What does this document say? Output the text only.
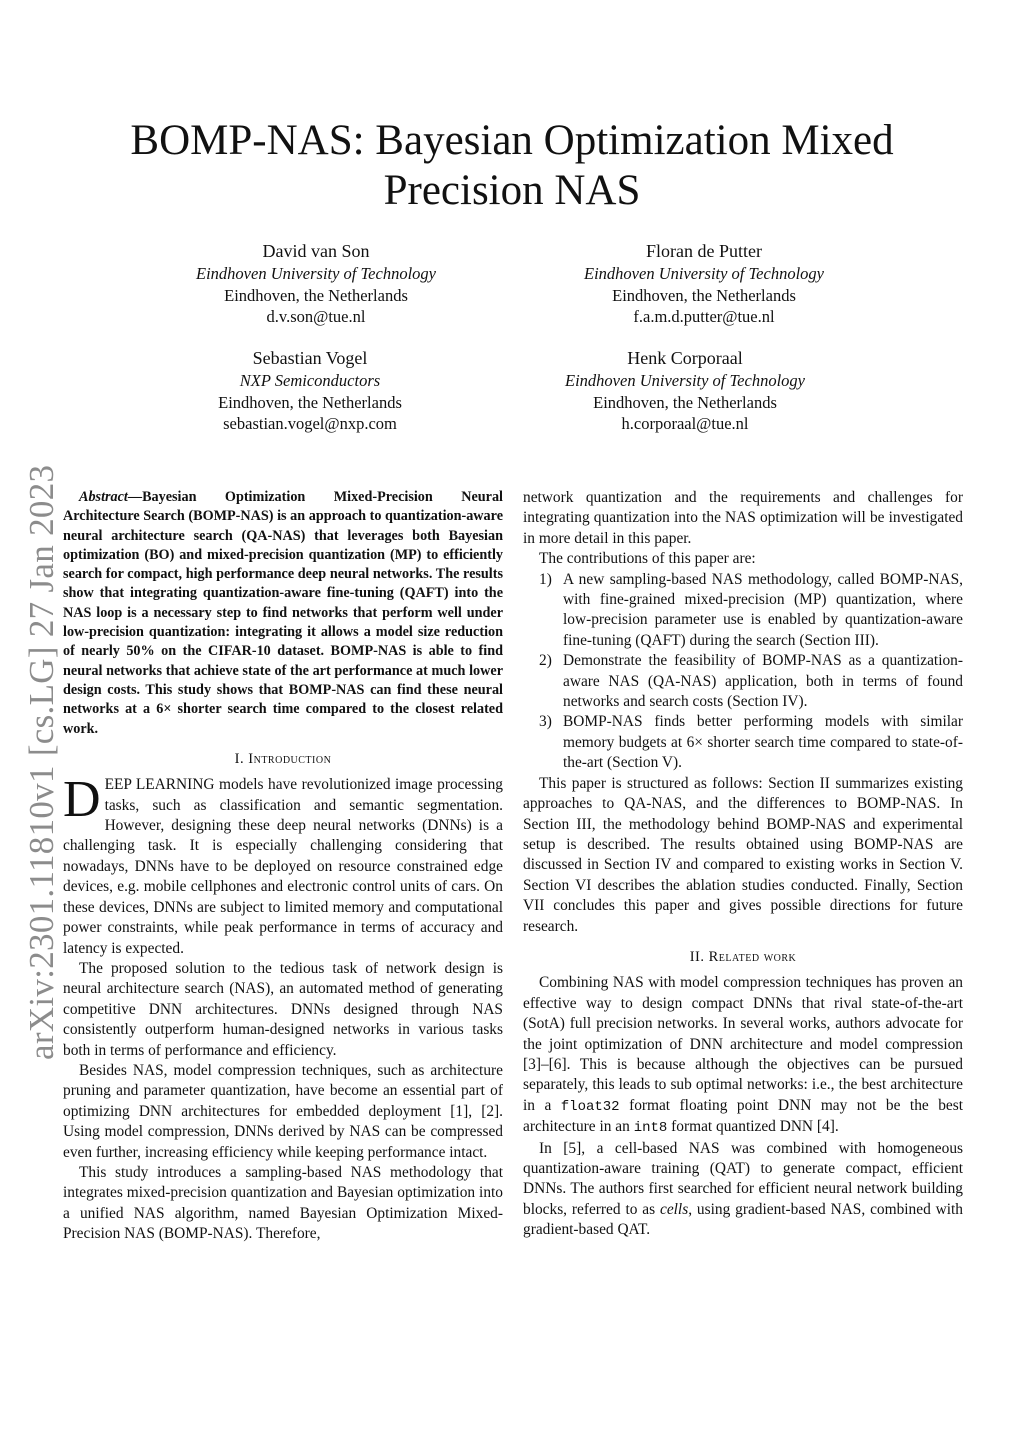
BOMP-NAS: Bayesian Optimization Mixed Precision NAS
David van Son
Eindhoven University of Technology
Eindhoven, the Netherlands
d.v.son@tue.nl
Floran de Putter
Eindhoven University of Technology
Eindhoven, the Netherlands
f.a.m.d.putter@tue.nl
Sebastian Vogel
NXP Semiconductors
Eindhoven, the Netherlands
sebastian.vogel@nxp.com
Henk Corporaal
Eindhoven University of Technology
Eindhoven, the Netherlands
h.corporaal@tue.nl
arXiv:2301.11810v1 [cs.LG] 27 Jan 2023	Abstract—Bayesian Optimization Mixed-Precision Neural Architecture Search (BOMP-NAS) is an approach to quantization-aware neural architecture search (QA-NAS) that leverages both Bayesian optimization (BO) and mixed-precision quantization (MP) to efficiently search for compact, high performance deep neural networks. The results show that integrating quantization-aware fine-tuning (QAFT) into the NAS loop is a necessary step to find networks that perform well under low-precision quantization: integrating it allows a model size reduction of nearly 50% on the CIFAR-10 dataset. BOMP-NAS is able to find neural networks that achieve state of the art performance at much lower design costs. This study shows that BOMP-NAS can find these neural networks at a 6× shorter search time compared to the closest related work.

I. Introduction

DEEP LEARNING models have revolutionized image processing tasks, such as classification and semantic segmentation. However, designing these deep neural networks (DNNs) is a challenging task. It is especially challenging considering that nowadays, DNNs have to be deployed on resource constrained edge devices, e.g. mobile cellphones and electronic control units of cars. On these devices, DNNs are subject to limited memory and computational power constraints, while peak performance in terms of accuracy and latency is expected.

The proposed solution to the tedious task of network design is neural architecture search (NAS), an automated method of generating competitive DNN architectures. DNNs designed through NAS consistently outperform human-designed networks in various tasks both in terms of performance and efficiency.

Besides NAS, model compression techniques, such as architecture pruning and parameter quantization, have become an essential part of optimizing DNN architectures for embedded deployment [1], [2]. Using model compression, DNNs derived by NAS can be compressed even further, increasing efficiency while keeping performance intact.

This study introduces a sampling-based NAS methodology that integrates mixed-precision quantization and Bayesian optimization into a unified NAS algorithm, named Bayesian Optimization Mixed-Precision NAS (BOMP-NAS). Therefore,

network quantization and the requirements and challenges for integrating quantization into the NAS optimization will be investigated in more detail in this paper.

The contributions of this paper are:

1) A new sampling-based NAS methodology, called BOMP-NAS, with fine-grained mixed-precision (MP) quantization, where low-precision parameter use is enabled by quantization-aware fine-tuning (QAFT) during the search (Section III).
2) Demonstrate the feasibility of BOMP-NAS as a quantization-aware NAS (QA-NAS) application, both in terms of found networks and search costs (Section IV).
3) BOMP-NAS finds better performing models with similar memory budgets at 6× shorter search time compared to state-of-the-art (Section V).

This paper is structured as follows: Section II summarizes existing approaches to QA-NAS, and the differences to BOMP-NAS. In Section III, the methodology behind BOMP-NAS and experimental setup is described. The results obtained using BOMP-NAS are discussed in Section IV and compared to existing works in Section V. Section VI describes the ablation studies conducted. Finally, Section VII concludes this paper and gives possible directions for future research.

II. Related work

Combining NAS with model compression techniques has proven an effective way to design compact DNNs that rival state-of-the-art (SotA) full precision networks. In several works, authors advocate for the joint optimization of DNN architecture and model compression [3]–[6]. This is because although the objectives can be pursued separately, this leads to sub optimal networks: i.e., the best architecture in a float32 format floating point DNN may not be the best architecture in an int8 format quantized DNN [4].

In [5], a cell-based NAS was combined with homogeneous quantization-aware training (QAT) to generate compact, efficient DNNs. The authors first searched for efficient neural network building blocks, referred to as cells, using gradient-based NAS, combined with gradient-based QAT.
